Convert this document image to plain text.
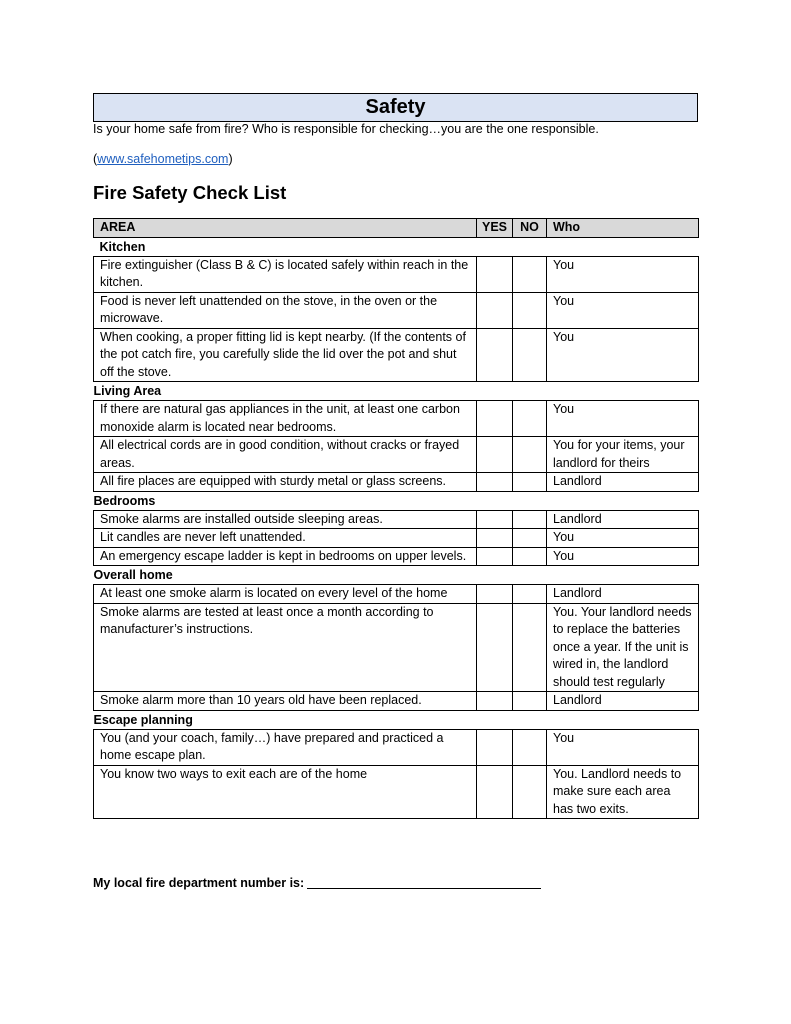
Safety
Is your home safe from fire? Who is responsible for checking…you are the one responsible.
(www.safehometips.com)
Fire Safety Check List
AREA	YES	NO	Who
Kitchen			
Fire extinguisher (Class B & C) is located safely within reach in the kitchen.			You
Food is never left unattended on the stove, in the oven or the microwave.			You
When cooking, a proper fitting lid is kept nearby. (If the contents of the pot catch fire, you carefully slide the lid over the pot and shut off the stove.			You
Living Area			
If there are natural gas appliances in the unit, at least one carbon monoxide alarm is located near bedrooms.			You
All electrical cords are in good condition, without cracks or frayed areas.			You for your items, your landlord for theirs
All fire places are equipped with sturdy metal or glass screens.			Landlord
Bedrooms			
Smoke alarms are installed outside sleeping areas.			Landlord
Lit candles are never left unattended.			You
An emergency escape ladder is kept in bedrooms on upper levels.			You
Overall home			
At least one smoke alarm is located on every level of the home			Landlord
Smoke alarms are tested at least once a month according to manufacturer’s instructions.			You. Your landlord needs to replace the batteries once a year. If the unit is wired in, the landlord should test regularly
Smoke alarm more than 10 years old have been replaced.			Landlord
Escape planning			
You (and your coach, family…) have prepared and practiced a home escape plan.			You
You know two ways to exit each are of the home			You. Landlord needs to make sure each area has two exits.
My local fire department number is:
